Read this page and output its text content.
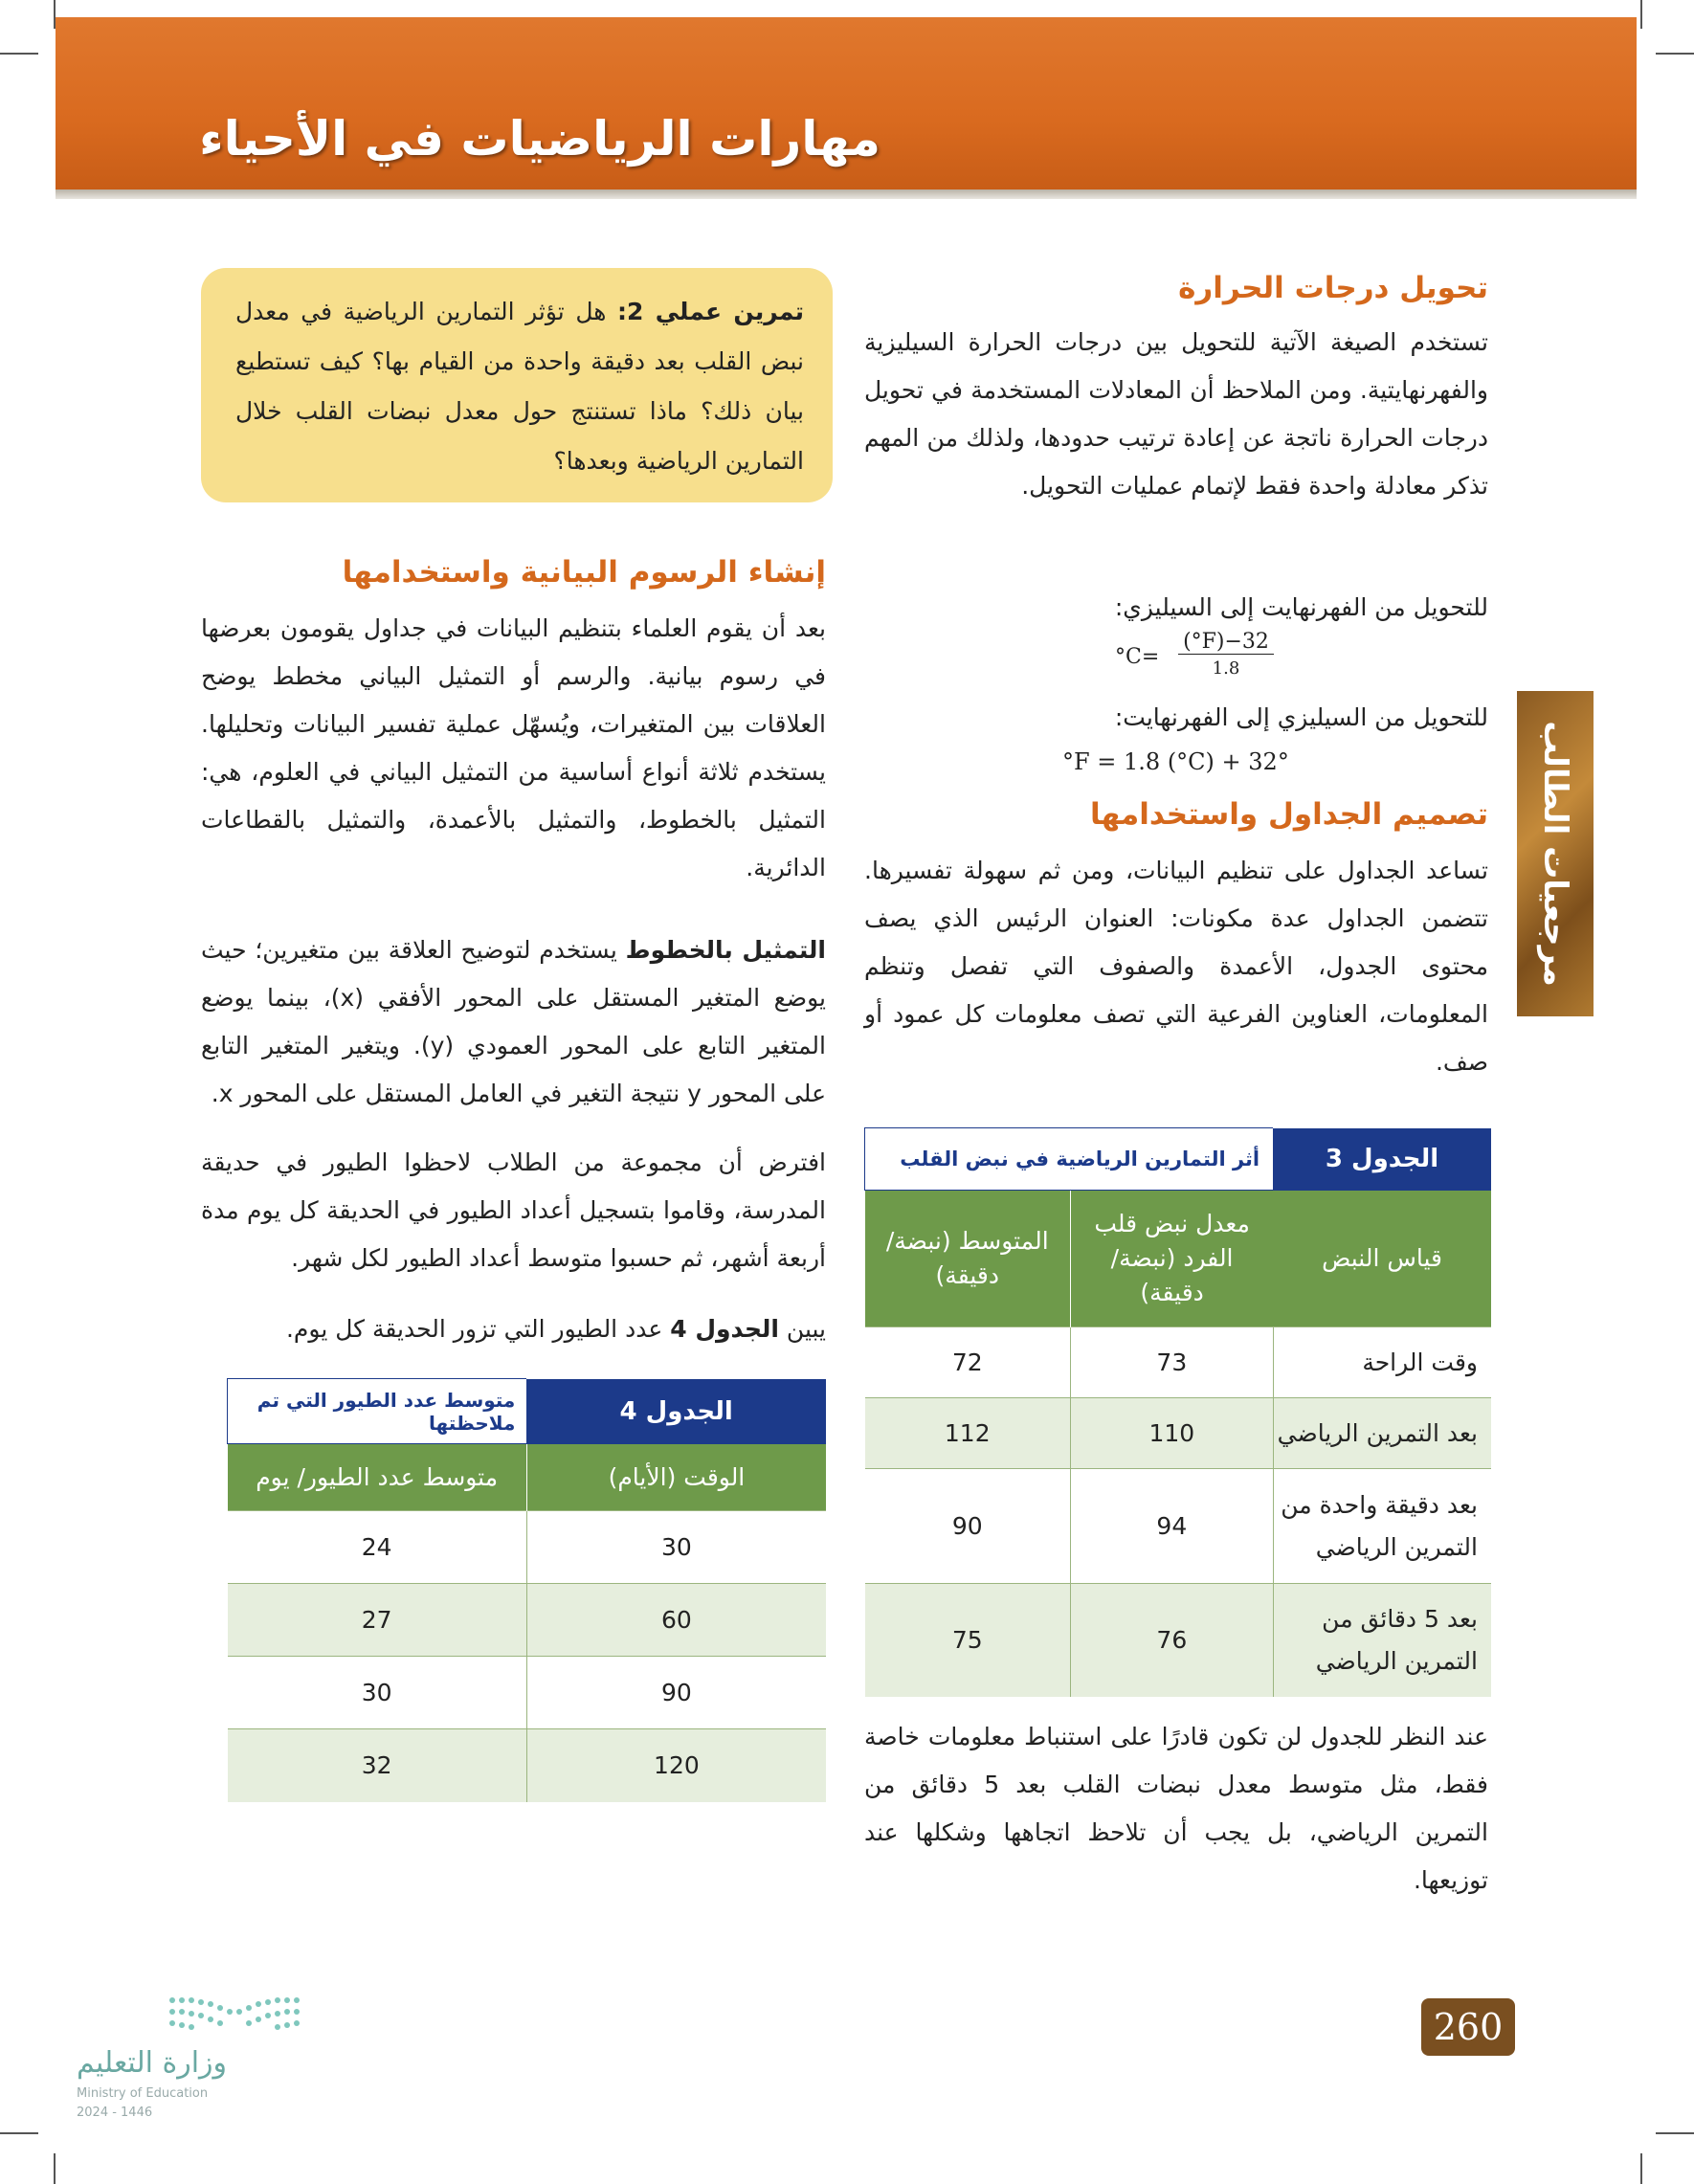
مهارات الرياضيات في الأحياء
مرجعيات الطالب
تحويل درجات الحرارة
تستخدم الصيغة الآتية للتحويل بين درجات الحرارة السيليزية والفهرنهايتية. ومن الملاحظ أن المعادلات المستخدمة في تحويل درجات الحرارة ناتجة عن إعادة ترتيب حدودها، ولذلك من المهم تذكر معادلة واحدة فقط لإتمام عمليات التحويل.
للتحويل من الفهرنهايت إلى السيليزي:
°C=
(°F)−32
1.8
للتحويل من السيليزي إلى الفهرنهايت:
°F = 1.8 (°C) + 32°
تصميم الجداول واستخدامها
تساعد الجداول على تنظيم البيانات، ومن ثم سهولة تفسيرها. تتضمن الجداول عدة مكونات: العنوان الرئيس الذي يصف محتوى الجدول، الأعمدة والصفوف التي تفصل وتنظم المعلومات، العناوين الفرعية التي تصف معلومات كل عمود أو صف.
الجدول 3	أثر التمارين الرياضية في نبض القلب	
قياس النبض	معدل نبض قلب الفرد (نبضة/ دقيقة)	المتوسط (نبضة/ دقيقة)
وقت الراحة	73	72
بعد التمرين الرياضي	110	112
بعد دقيقة واحدة من التمرين الرياضي	94	90
بعد 5 دقائق من التمرين الرياضي	76	75
عند النظر للجدول لن تكون قادرًا على استنباط معلومات خاصة فقط، مثل متوسط معدل نبضات القلب بعد 5 دقائق من التمرين الرياضي، بل يجب أن تلاحظ اتجاهها وشكلها عند توزيعها.
تمرين عملي 2: هل تؤثر التمارين الرياضية في معدل نبض القلب بعد دقيقة واحدة من القيام بها؟ كيف تستطيع بيان ذلك؟ ماذا تستنتج حول معدل نبضات القلب خلال التمارين الرياضية وبعدها؟
إنشاء الرسوم البيانية واستخدامها
بعد أن يقوم العلماء بتنظيم البيانات في جداول يقومون بعرضها في رسوم بيانية. والرسم أو التمثيل البياني مخطط يوضح العلاقات بين المتغيرات، ويُسهّل عملية تفسير البيانات وتحليلها. يستخدم ثلاثة أنواع أساسية من التمثيل البياني في العلوم، هي: التمثيل بالخطوط، والتمثيل بالأعمدة، والتمثيل بالقطاعات الدائرية.
التمثيل بالخطوط يستخدم لتوضيح العلاقة بين متغيرين؛ حيث يوضع المتغير المستقل على المحور الأفقي (x)، بينما يوضع المتغير التابع على المحور العمودي (y). ويتغير المتغير التابع على المحور y نتيجة التغير في العامل المستقل على المحور x.
افترض أن مجموعة من الطلاب لاحظوا الطيور في حديقة المدرسة، وقاموا بتسجيل أعداد الطيور في الحديقة كل يوم مدة أربعة أشهر، ثم حسبوا متوسط أعداد الطيور لكل شهر.
يبين الجدول 4 عدد الطيور التي تزور الحديقة كل يوم.
الجدول 4	متوسط عدد الطيور التي تم ملاحظتها
الوقت (الأيام)	متوسط عدد الطيور/ يوم
30	24
60	27
90	30
120	32
260
وزارة التعليم
Ministry of Education
2024 - 1446
